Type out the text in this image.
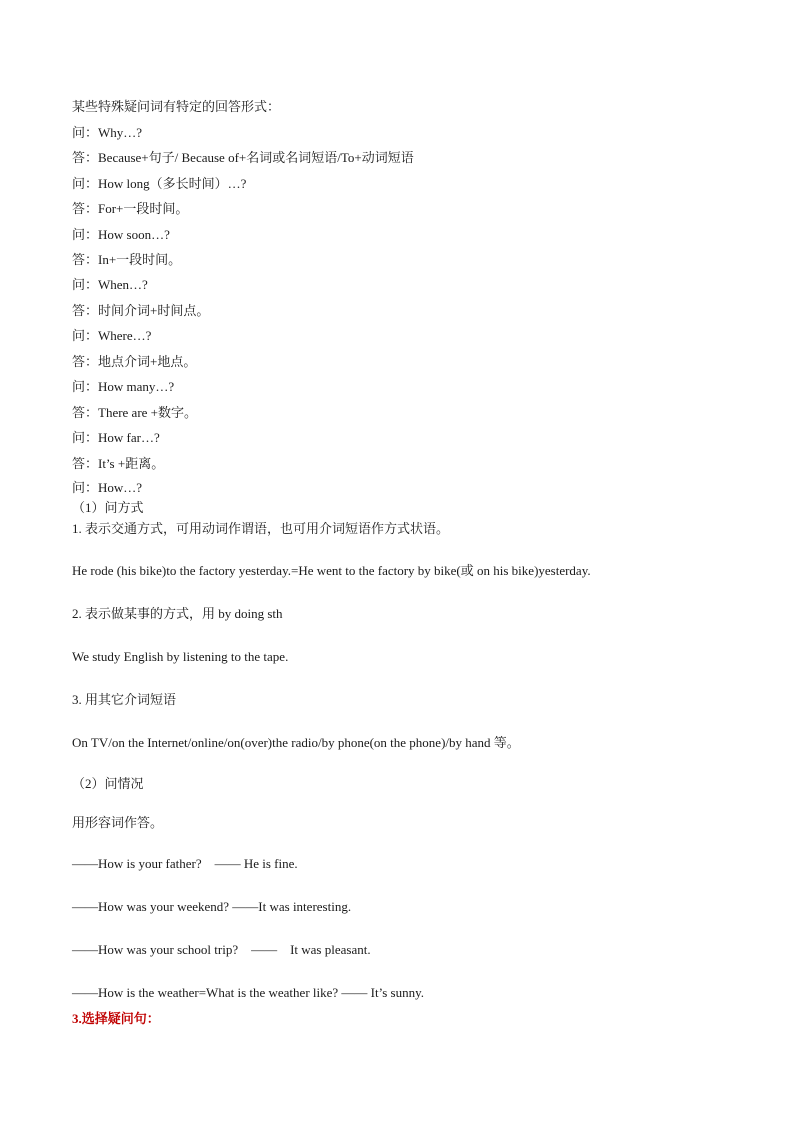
某些特殊疑问词有特定的回答形式：
问：Why…?
答：Because+句子/ Because of+名词或名词短语/To+动词短语
问：How long（多长时间）…?
答：For+一段时间。
问：How soon…?
答：In+一段时间。
问：When…?
答：时间介词+时间点。
问：Where…?
答：地点介词+地点。
问：How many…?
答：There are +数字。
问：How far…?
答：It’s +距离。
问：How…?
（1）问方式
1. 表示交通方式，可用动词作谓语，也可用介词短语作方式状语。
He rode (his bike)to the factory yesterday.=He went to the factory by bike(或 on his bike)yesterday.
2. 表示做某事的方式，用 by doing sth
We study English by listening to the tape.
3. 用其它介词短语
On TV/on the Internet/online/on(over)the radio/by phone(on the phone)/by hand 等。
（2）问情况
用形容词作答。
——How is your father?　—— He is fine.
——How was your weekend? ——It was interesting.
——How was your school trip?　——　It was pleasant.
——How is the weather=What is the weather like? —— It’s sunny.
3.选择疑问句：
